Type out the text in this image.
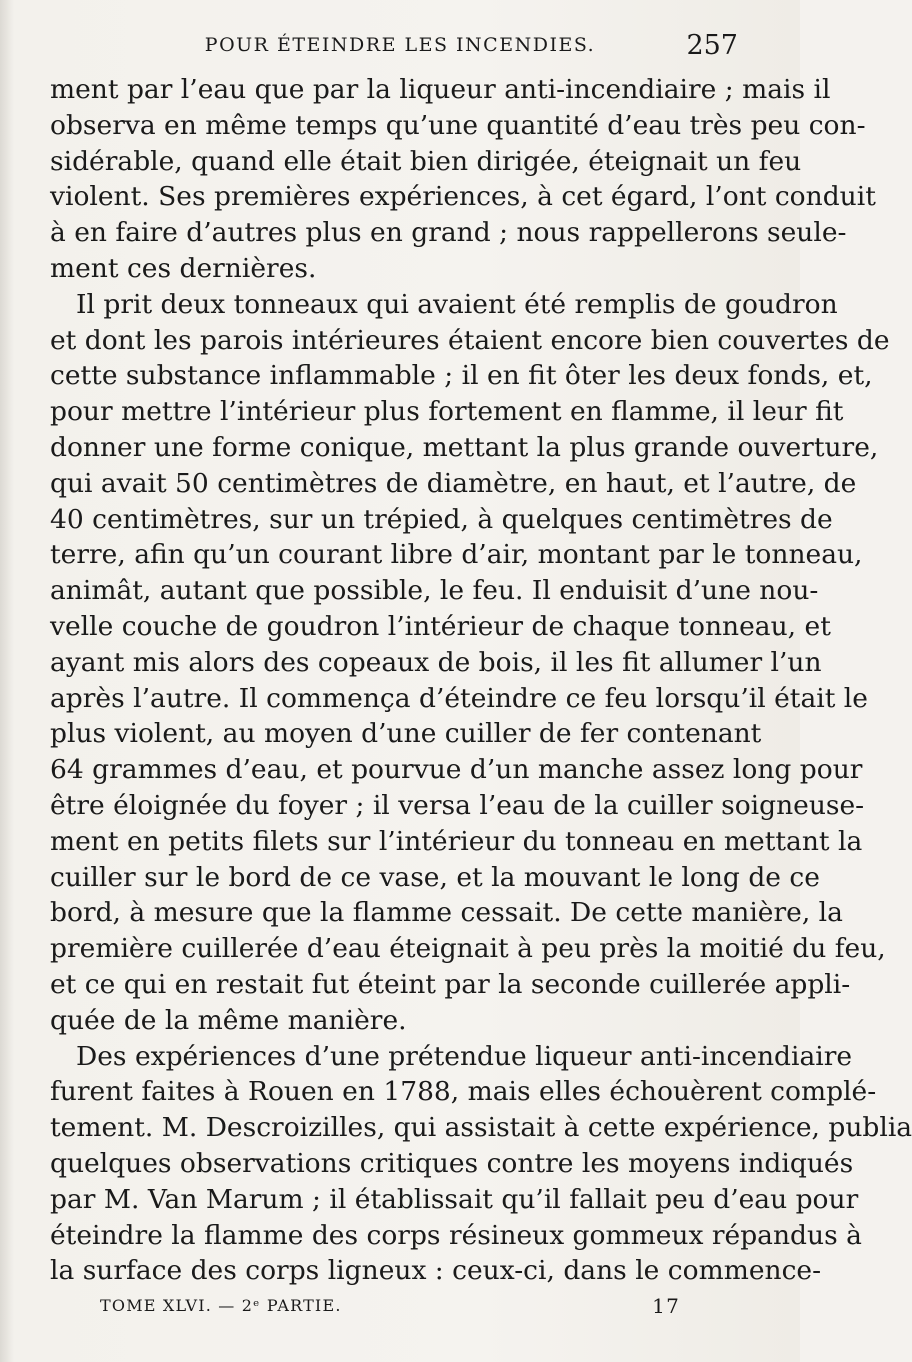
POUR ÉTEINDRE LES INCENDIES.	257
ment par l’eau que par la liqueur anti-incendiaire ; mais il
observa en même temps qu’une quantité d’eau très peu con-
sidérable, quand elle était bien dirigée, éteignait un feu
violent. Ses premières expériences, à cet égard, l’ont conduit
à en faire d’autres plus en grand ; nous rappellerons seule-
ment ces dernières.
Il prit deux tonneaux qui avaient été remplis de goudron
et dont les parois intérieures étaient encore bien couvertes de
cette substance inflammable ; il en fit ôter les deux fonds, et,
pour mettre l’intérieur plus fortement en flamme, il leur fit
donner une forme conique, mettant la plus grande ouverture,
qui avait 50 centimètres de diamètre, en haut, et l’autre, de
40 centimètres, sur un trépied, à quelques centimètres de
terre, afin qu’un courant libre d’air, montant par le tonneau,
animât, autant que possible, le feu. Il enduisit d’une nou-
velle couche de goudron l’intérieur de chaque tonneau, et
ayant mis alors des copeaux de bois, il les fit allumer l’un
après l’autre. Il commença d’éteindre ce feu lorsqu’il était le
plus violent, au moyen d’une cuiller de fer contenant
64 grammes d’eau, et pourvue d’un manche assez long pour
être éloignée du foyer ; il versa l’eau de la cuiller soigneuse-
ment en petits filets sur l’intérieur du tonneau en mettant la
cuiller sur le bord de ce vase, et la mouvant le long de ce
bord, à mesure que la flamme cessait. De cette manière, la
première cuillerée d’eau éteignait à peu près la moitié du feu,
et ce qui en restait fut éteint par la seconde cuillerée appli-
quée de la même manière.
Des expériences d’une prétendue liqueur anti-incendiaire
furent faites à Rouen en 1788, mais elles échouèrent complé-
tement. M. Descroizilles, qui assistait à cette expérience, publia
quelques observations critiques contre les moyens indiqués
par M. Van Marum ; il établissait qu’il fallait peu d’eau pour
éteindre la flamme des corps résineux gommeux répandus à
la surface des corps ligneux : ceux-ci, dans le commence-
TOME XLVI. — 2ᵉ PARTIE.	17
